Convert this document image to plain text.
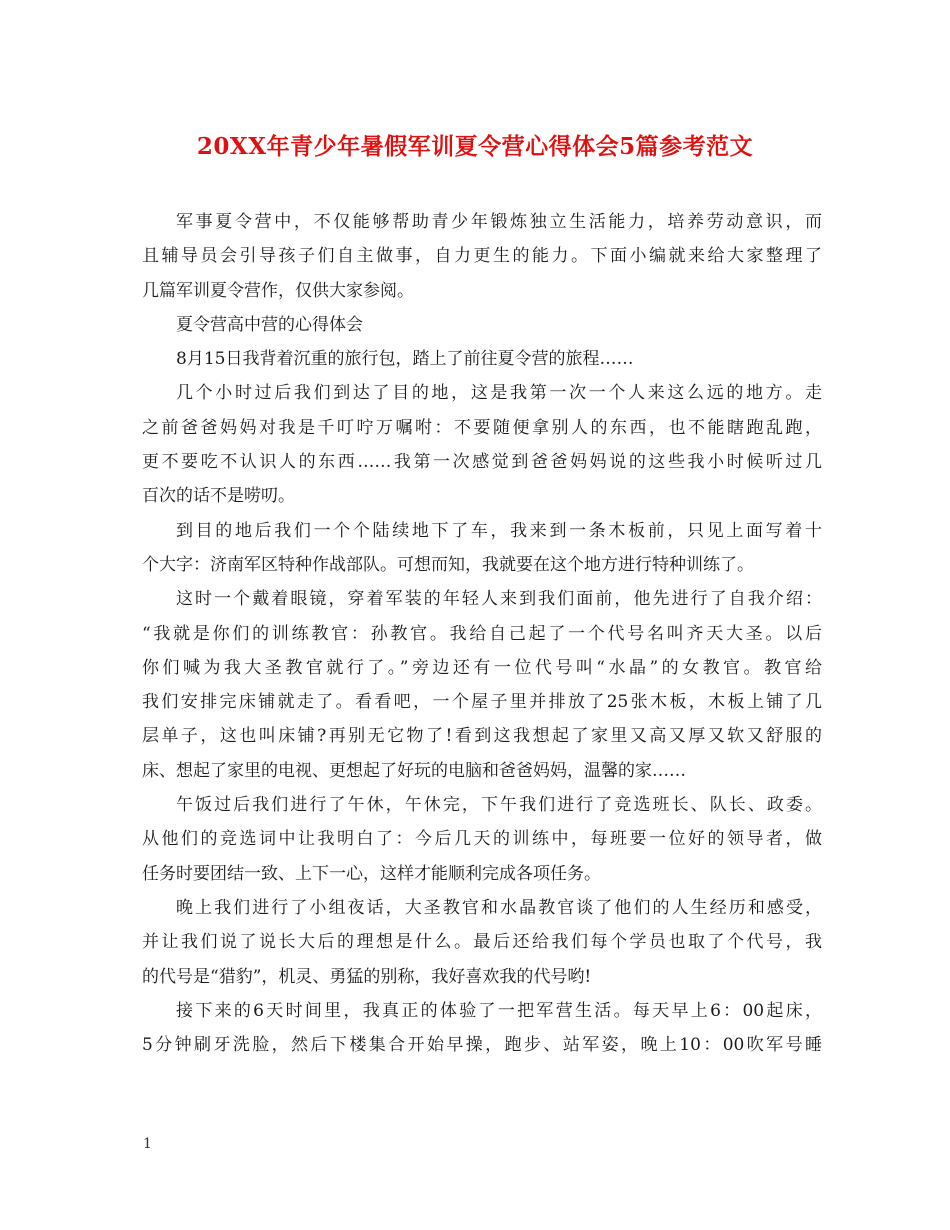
20XX年青少年暑假军训夏令营心得体会5篇参考范文
军事夏令营中，不仅能够帮助青少年锻炼独立生活能力，培养劳动意识，而
且辅导员会引导孩子们自主做事，自力更生的能力。下面小编就来给大家整理了
几篇军训夏令营作，仅供大家参阅。
夏令营高中营的心得体会
8月15日我背着沉重的旅行包，踏上了前往夏令营的旅程……
几个小时过后我们到达了目的地，这是我第一次一个人来这么远的地方。走
之前爸爸妈妈对我是千叮咛万嘱咐：不要随便拿别人的东西，也不能瞎跑乱跑，
更不要吃不认识人的东西……我第一次感觉到爸爸妈妈说的这些我小时候听过几
百次的话不是唠叨。
到目的地后我们一个个陆续地下了车，我来到一条木板前，只见上面写着十
个大字：济南军区特种作战部队。可想而知，我就要在这个地方进行特种训练了。
这时一个戴着眼镜，穿着军装的年轻人来到我们面前，他先进行了自我介绍：
“我就是你们的训练教官：孙教官。我给自己起了一个代号名叫齐天大圣。以后
你们喊为我大圣教官就行了。”旁边还有一位代号叫“水晶”的女教官。教官给
我们安排完床铺就走了。看看吧，一个屋子里并排放了25张木板，木板上铺了几
层单子，这也叫床铺?再别无它物了!看到这我想起了家里又高又厚又软又舒服的
床、想起了家里的电视、更想起了好玩的电脑和爸爸妈妈，温馨的家……
午饭过后我们进行了午休，午休完，下午我们进行了竞选班长、队长、政委。
从他们的竞选词中让我明白了：今后几天的训练中，每班要一位好的领导者，做
任务时要团结一致、上下一心，这样才能顺利完成各项任务。
晚上我们进行了小组夜话，大圣教官和水晶教官谈了他们的人生经历和感受，
并让我们说了说长大后的理想是什么。最后还给我们每个学员也取了个代号，我
的代号是“猎豹”，机灵、勇猛的别称，我好喜欢我的代号哟!
接下来的6天时间里，我真正的体验了一把军营生活。每天早上6：00起床，
5分钟刷牙洗脸，然后下楼集合开始早操，跑步、站军姿，晚上10：00吹军号睡
1
